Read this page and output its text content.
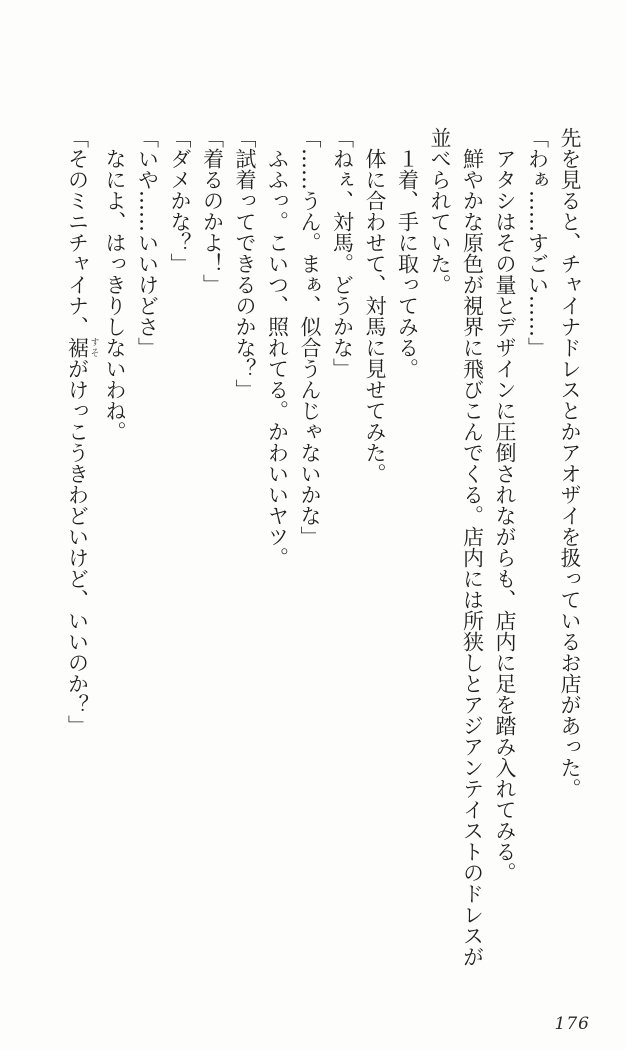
先を見ると、チャイナドレスとかアオザイを扱っているお店があった。

「わぁ……すごい……」

アタシはその量とデザインに圧倒されながらも、店内に足を踏み入れてみる。

鮮やかな原色が視界に飛びこんでくる。店内には所狭しとアジアンテイストのドレスが並べられていた。

１着、手に取ってみる。

体に合わせて、対馬に見せてみた。

「ねぇ、対馬。どうかな」

「……うん。まぁ、似合うんじゃないかな」

ふふっ。こいつ、照れてる。かわいいヤツ。

「試着ってできるのかな？」

「着るのかよ！」

「ダメかな？」

「いや……いいけどさ」

なによ、はっきりしないわね。

「そのミニチャイナ、裾 すそがけっこうきわどいけど、いいのか？」

176
